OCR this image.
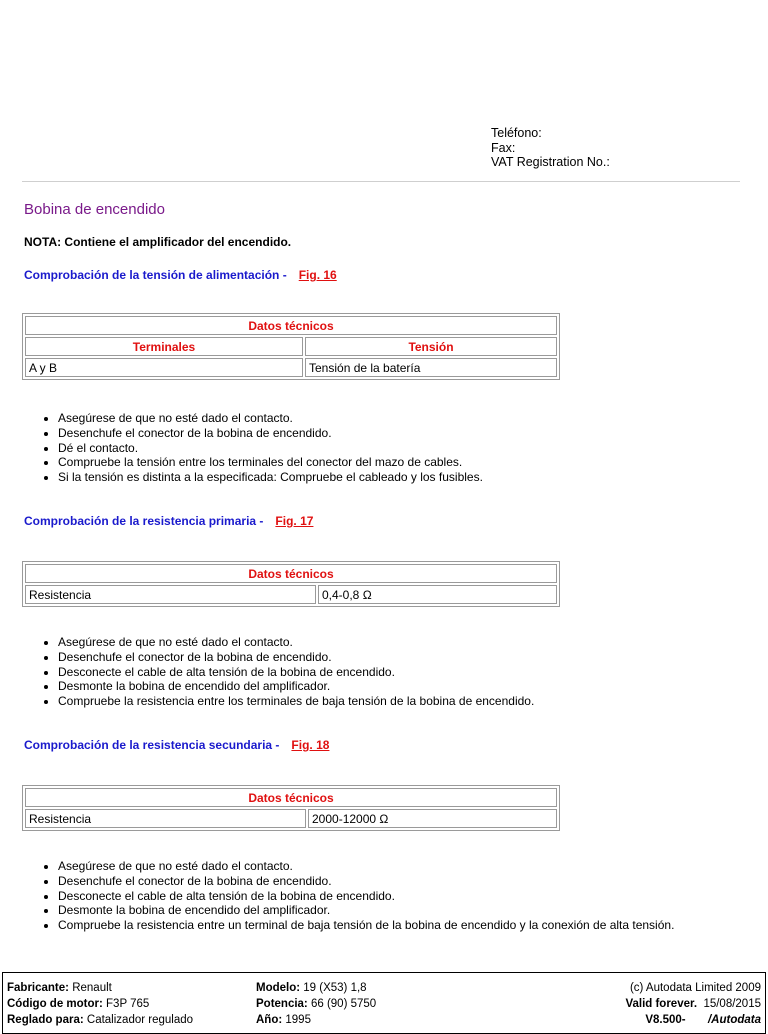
Teléfono:
Fax:
VAT Registration No.:
Bobina de encendido
NOTA: Contiene el amplificador del encendido.
Comprobación de la tensión de alimentación - Fig. 16
Datos técnicos	
Terminales	Tensión
A y B	Tensión de la batería
• Asegúrese de que no esté dado el contacto.
• Desenchufe el conector de la bobina de encendido.
• Dé el contacto.
• Compruebe la tensión entre los terminales del conector del mazo de cables.
• Si la tensión es distinta a la especificada: Compruebe el cableado y los fusibles.
Comprobación de la resistencia primaria - Fig. 17
Datos técnicos
Resistencia	0,4-0,8 Ω
• Asegúrese de que no esté dado el contacto.
• Desenchufe el conector de la bobina de encendido.
• Desconecte el cable de alta tensión de la bobina de encendido.
• Desmonte la bobina de encendido del amplificador.
• Compruebe la resistencia entre los terminales de baja tensión de la bobina de encendido.
Comprobación de la resistencia secundaria - Fig. 18
Datos técnicos
Resistencia	2000-12000 Ω
• Asegúrese de que no esté dado el contacto.
• Desenchufe el conector de la bobina de encendido.
• Desconecte el cable de alta tensión de la bobina de encendido.
• Desmonte la bobina de encendido del amplificador.
• Compruebe la resistencia entre un terminal de baja tensión de la bobina de encendido y la conexión de alta tensión.
Fabricante: Renault
Código de motor: F3P 765
Reglado para: Catalizador regulado
Modelo: 19 (X53) 1,8
Potencia: 66 (90) 5750
Año: 1995
(c) Autodata Limited 2009
Valid forever. 15/08/2015
V8.500- /Autodata
